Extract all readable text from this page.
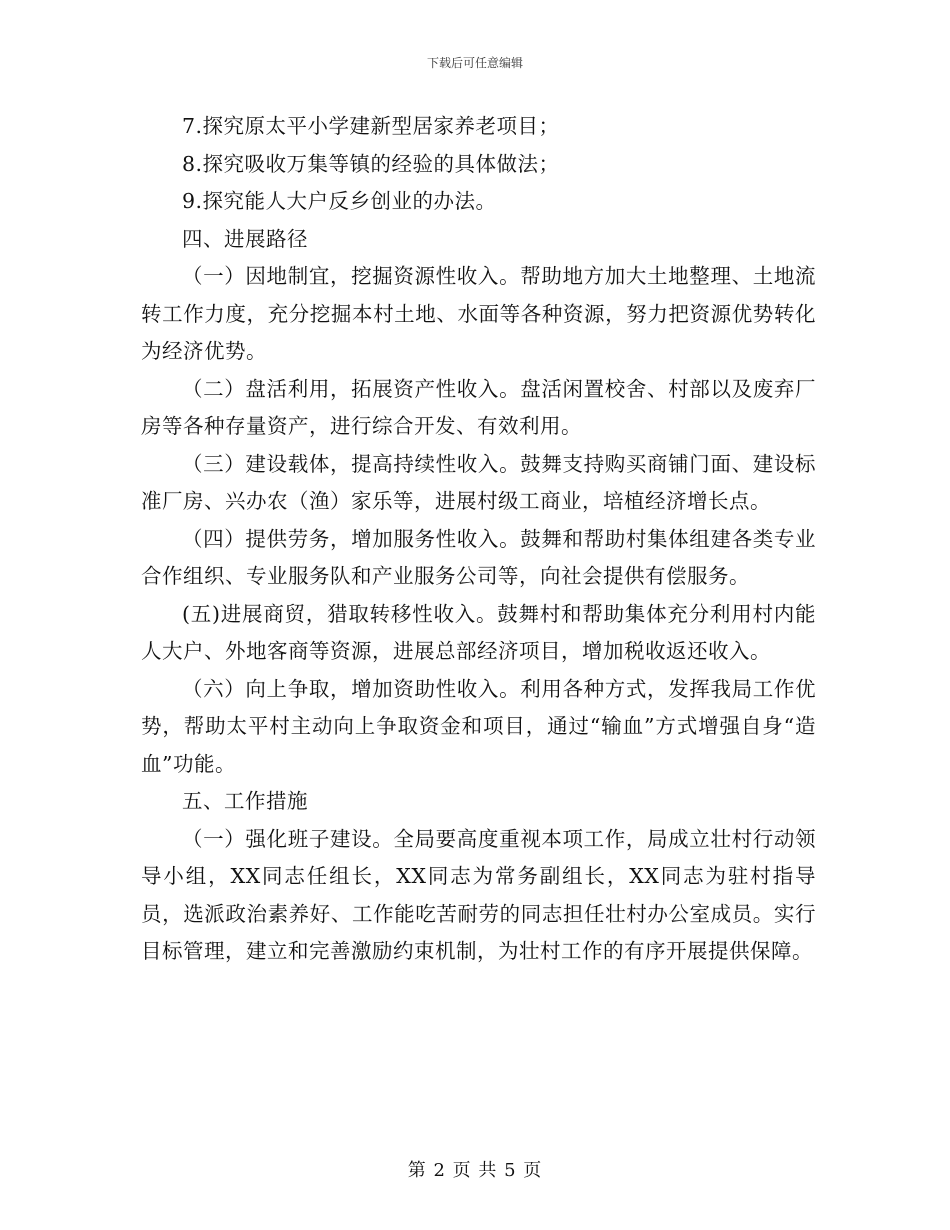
下载后可任意编辑

7.探究原太平小学建新型居家养老项目；

8.探究吸收万集等镇的经验的具体做法；

9.探究能人大户反乡创业的办法。

四、进展路径

（一）因地制宜，挖掘资源性收入。帮助地方加大土地整理、土地流转工作力度，充分挖掘本村土地、水面等各种资源，努力把资源优势转化为经济优势。

（二）盘活利用，拓展资产性收入。盘活闲置校舍、村部以及废弃厂房等各种存量资产，进行综合开发、有效利用。

（三）建设载体，提高持续性收入。鼓舞支持购买商铺门面、建设标准厂房、兴办农（渔）家乐等，进展村级工商业，培植经济增长点。

（四）提供劳务，增加服务性收入。鼓舞和帮助村集体组建各类专业合作组织、专业服务队和产业服务公司等，向社会提供有偿服务。

(五)进展商贸，猎取转移性收入。鼓舞村和帮助集体充分利用村内能人大户、外地客商等资源，进展总部经济项目，增加税收返还收入。

（六）向上争取，增加资助性收入。利用各种方式，发挥我局工作优势，帮助太平村主动向上争取资金和项目，通过“输血”方式增强自身“造血”功能。

五、工作措施

（一）强化班子建设。全局要高度重视本项工作，局成立壮村行动领导小组，XX同志任组长，XX同志为常务副组长，XX同志为驻村指导员，选派政治素养好、工作能吃苦耐劳的同志担任壮村办公室成员。实行目标管理，建立和完善激励约束机制，为壮村工作的有序开展提供保障。

第 2 页 共 5 页
